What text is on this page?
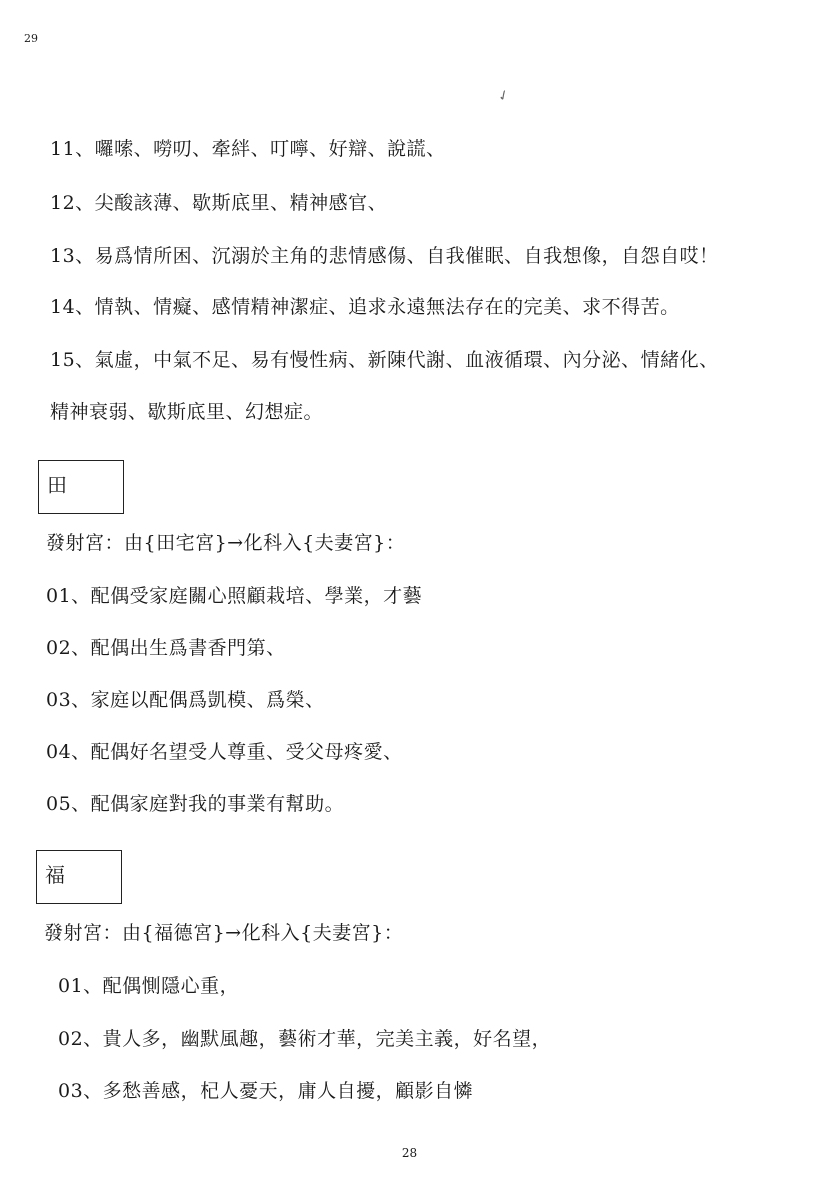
29
✓
11、囉嗦、嘮叨、牽絆、叮嚀、好辯、說謊、
12、尖酸該薄、歇斯底里、精神感官、
13、易爲情所困、沉溺於主角的悲情感傷、自我催眠、自我想像，自怨自哎！
14、情執、情癡、感情精神潔症、追求永遠無法存在的完美、求不得苦。
15、氣虛，中氣不足、易有慢性病、新陳代謝、血液循環、內分泌、情緒化、
精神衰弱、歇斯底里、幻想症。
田
發射宮：由{田宅宮}→化科入{夫妻宮}：
01、配偶受家庭關心照顧栽培、學業，才藝
02、配偶出生爲書香門第、
03、家庭以配偶爲凱模、爲榮、
04、配偶好名望受人尊重、受父母疼愛、
05、配偶家庭對我的事業有幫助。
福
發射宮：由{福德宮}→化科入{夫妻宮}：
01、配偶惻隱心重，
02、貴人多，幽默風趣，藝術才華，完美主義，好名望，
03、多愁善感，杞人憂天，庸人自擾，顧影自憐
28
